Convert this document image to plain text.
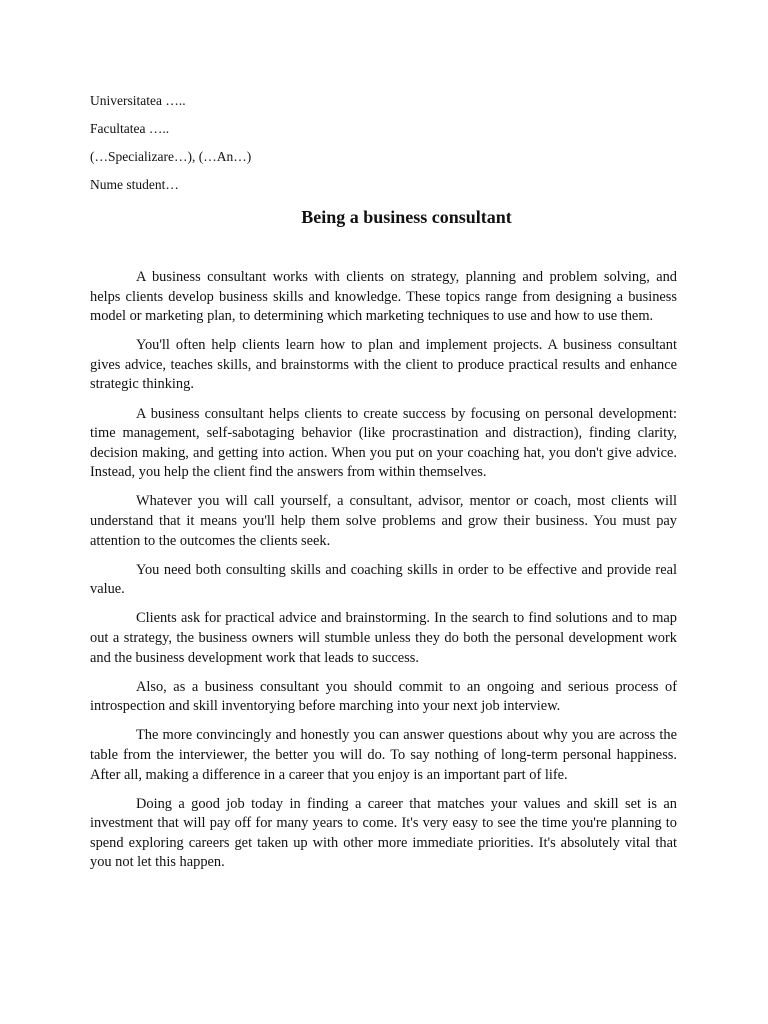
Universitatea …..
Facultatea …..
(…Specializare…), (…An…)
Nume student…
Being a business consultant

A business consultant works with clients on strategy, planning and problem solving, and helps clients develop business skills and knowledge. These topics range from designing a business model or marketing plan, to determining which marketing techniques to use and how to use them.

You'll often help clients learn how to plan and implement projects. A business consultant gives advice, teaches skills, and brainstorms with the client to produce practical results and enhance strategic thinking.

A business consultant helps clients to create success by focusing on personal development: time management, self-sabotaging behavior (like procrastination and distraction), finding clarity, decision making, and getting into action. When you put on your coaching hat, you don't give advice. Instead, you help the client find the answers from within themselves.

Whatever you will call yourself, a consultant, advisor, mentor or coach, most clients will understand that it means you'll help them solve problems and grow their business. You must pay attention to the outcomes the clients seek.

You need both consulting skills and coaching skills in order to be effective and provide real value.

Clients ask for practical advice and brainstorming. In the search to find solutions and to map out a strategy, the business owners will stumble unless they do both the personal development work and the business development work that leads to success.

Also, as a business consultant you should commit to an ongoing and serious process of introspection and skill inventorying before marching into your next job interview.

The more convincingly and honestly you can answer questions about why you are across the table from the interviewer, the better you will do. To say nothing of long-term personal happiness. After all, making a difference in a career that you enjoy is an important part of life.

Doing a good job today in finding a career that matches your values and skill set is an investment that will pay off for many years to come. It's very easy to see the time you're planning to spend exploring careers get taken up with other more immediate priorities. It's absolutely vital that you not let this happen.
